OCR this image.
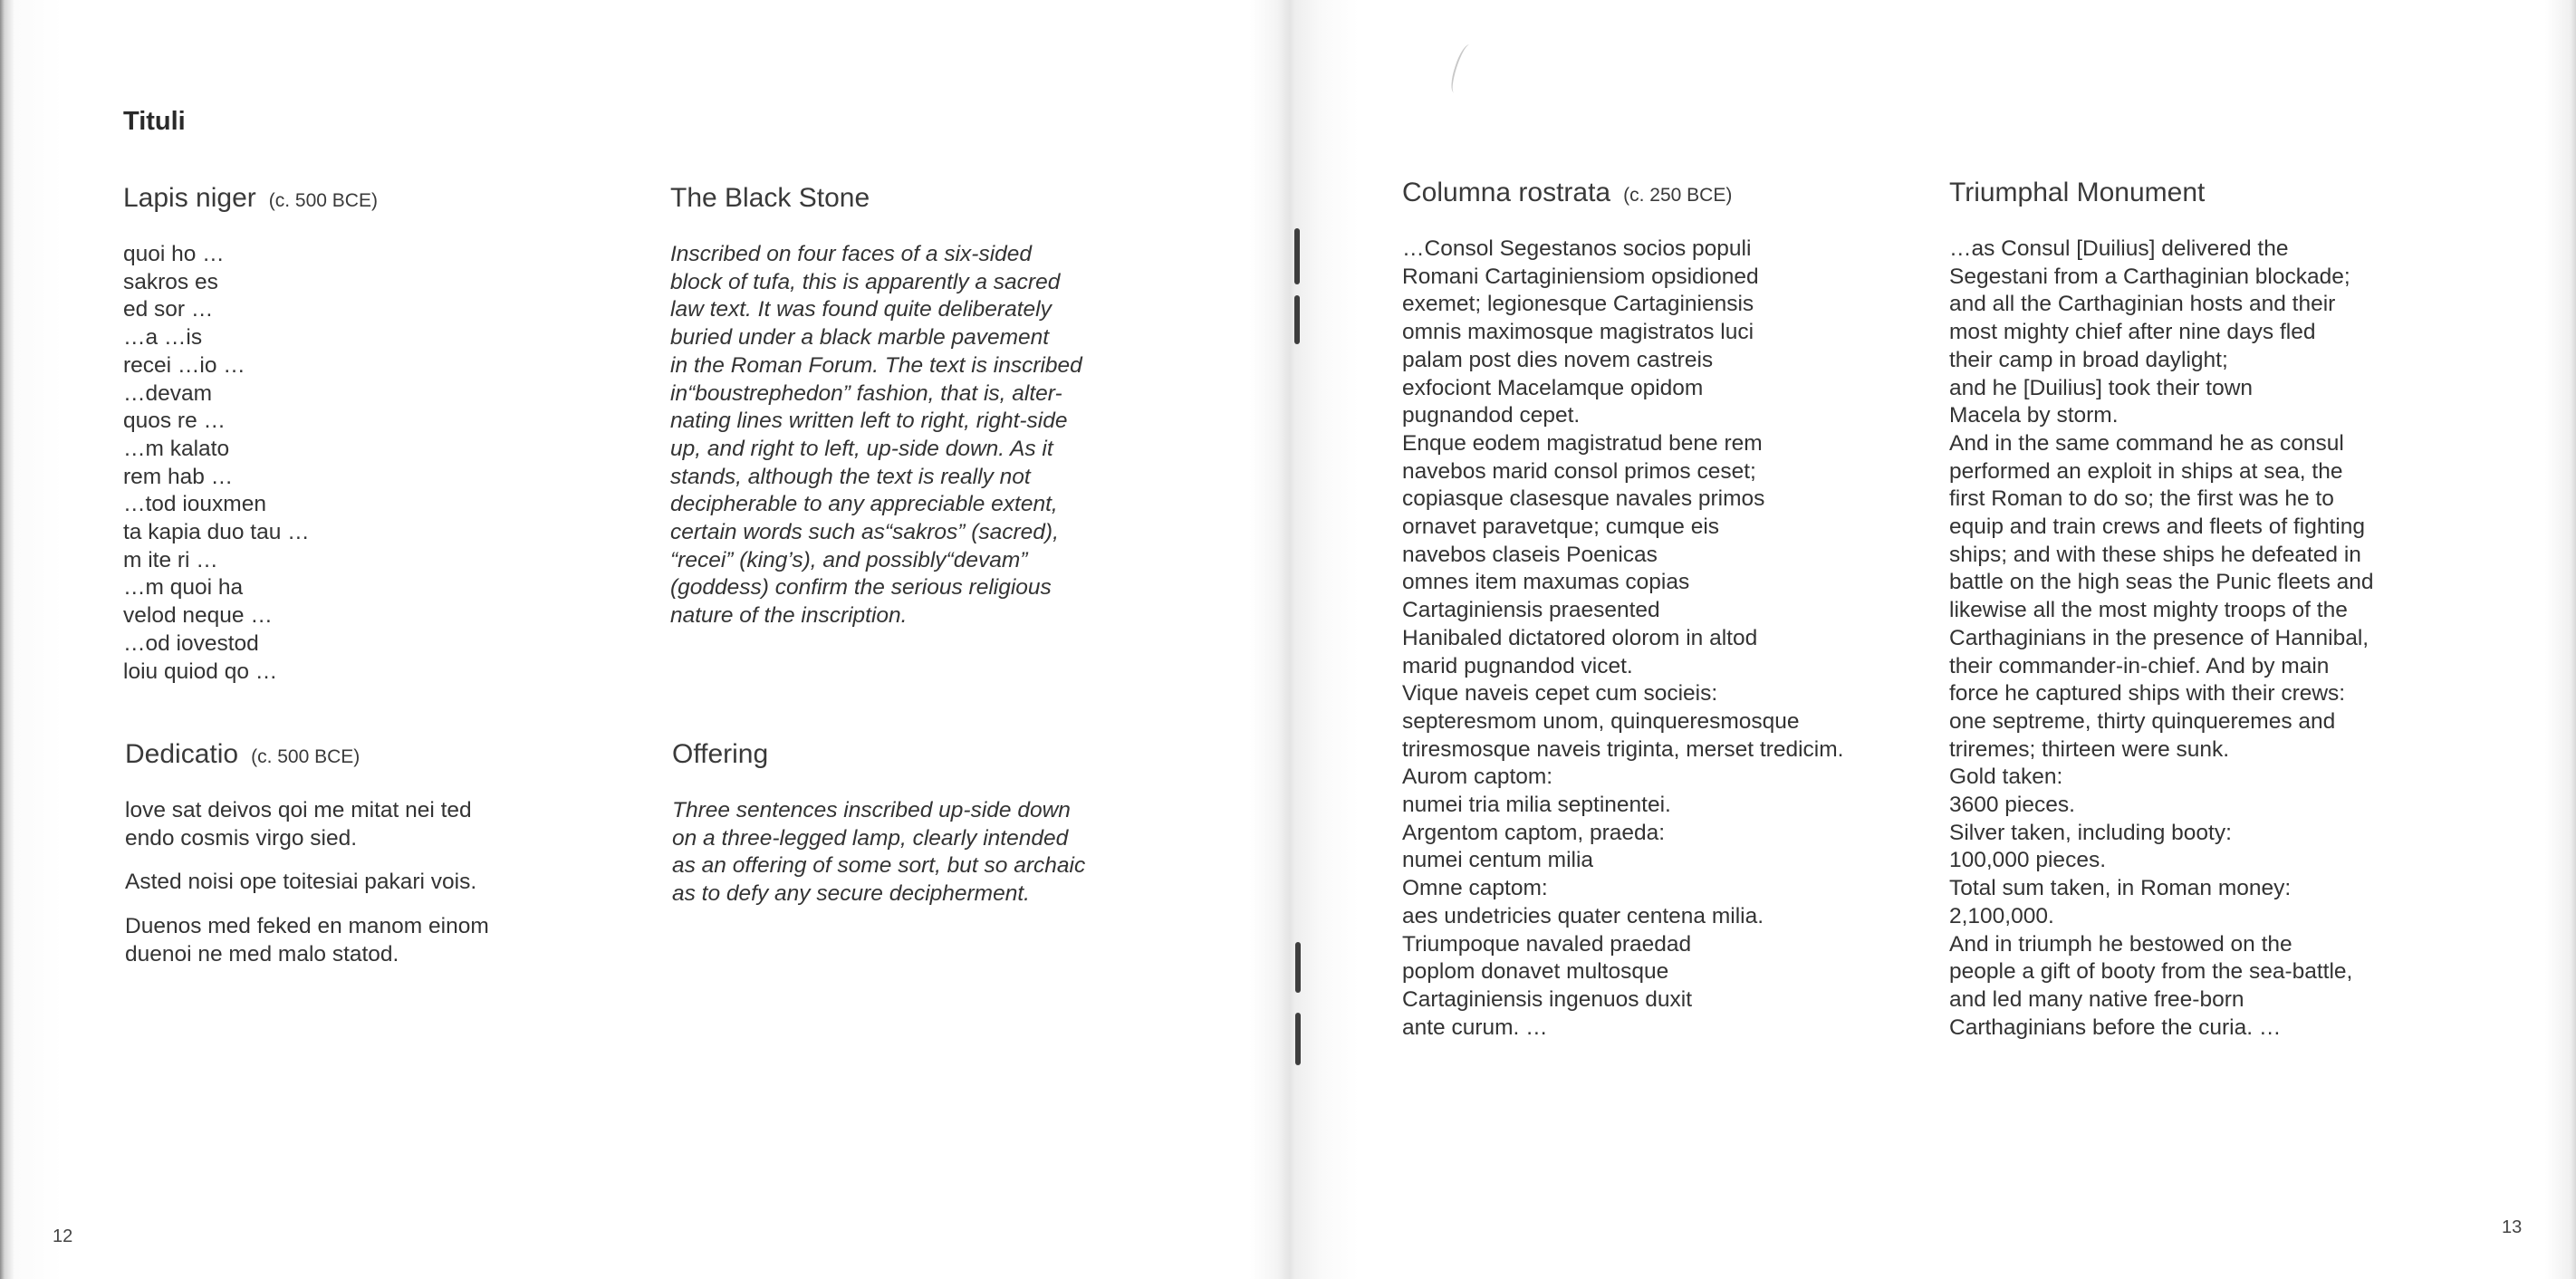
Tituli
Lapis niger (c. 500 BCE)
quoi ho …
sakros es
ed sor …
…a …is
recei …io …
…devam
quos re …
…m kalato
rem hab …
…tod iouxmen
ta kapia duo tau …
m ite ri …
…m quoi ha
velod neque …
…od iovestod
loiu quiod qo …
The Black Stone
Inscribed on four faces of a six-sided
block of tufa, this is apparently a sacred
law text. It was found quite deliberately
buried under a black marble pavement
in the Roman Forum. The text is inscribed
in“boustrephedon” fashion, that is, alter-
nating lines written left to right, right-side
up, and right to left, up-side down. As it
stands, although the text is really not
decipherable to any appreciable extent,
certain words such as“sakros” (sacred),
“recei” (king’s), and possibly“devam”
(goddess) confirm the serious religious
nature of the inscription.
Dedicatio (c. 500 BCE)

love sat deivos qoi me mitat nei ted
endo cosmis virgo sied.

Asted noisi ope toitesiai pakari vois.

Duenos med feked en manom einom
duenoi ne med malo statod.

Offering
Three sentences inscribed up-side down
on a three-legged lamp, clearly intended
as an offering of some sort, but so archaic
as to defy any secure decipherment.
Columna rostrata (c. 250 BCE)
…Consol Segestanos socios populi
Romani Cartaginiensiom opsidioned
exemet; legionesque Cartaginiensis
omnis maximosque magistratos luci
palam post dies novem castreis
exfociont Macelamque opidom
pugnandod cepet.
Enque eodem magistratud bene rem
navebos marid consol primos ceset;
copiasque clasesque navales primos
ornavet paravetque; cumque eis
navebos claseis Poenicas
omnes item maxumas copias
Cartaginiensis praesented
Hanibaled dictatored olorom in altod
marid pugnandod vicet.
Vique naveis cepet cum socieis:
septeresmom unom, quinqueresmosque
triresmosque naveis triginta, merset tredicim.
Aurom captom:
numei tria milia septinentei.
Argentom captom, praeda:
numei centum milia
Omne captom:
aes undetricies quater centena milia.
Triumpoque navaled praedad
poplom donavet multosque
Cartaginiensis ingenuos duxit
ante curum. …
Triumphal Monument
…as Consul [Duilius] delivered the
Segestani from a Carthaginian blockade;
and all the Carthaginian hosts and their
most mighty chief after nine days fled
their camp in broad daylight;
and he [Duilius] took their town
Macela by storm.
And in the same command he as consul
performed an exploit in ships at sea, the
first Roman to do so; the first was he to
equip and train crews and fleets of fighting
ships; and with these ships he defeated in
battle on the high seas the Punic fleets and
likewise all the most mighty troops of the
Carthaginians in the presence of Hannibal,
their commander-in-chief. And by main
force he captured ships with their crews:
one septreme, thirty quinqueremes and
triremes; thirteen were sunk.
Gold taken:
3600 pieces.
Silver taken, including booty:
100,000 pieces.
Total sum taken, in Roman money:
2,100,000.
And in triumph he bestowed on the
people a gift of booty from the sea-battle,
and led many native free-born
Carthaginians before the curia. …
12	13
